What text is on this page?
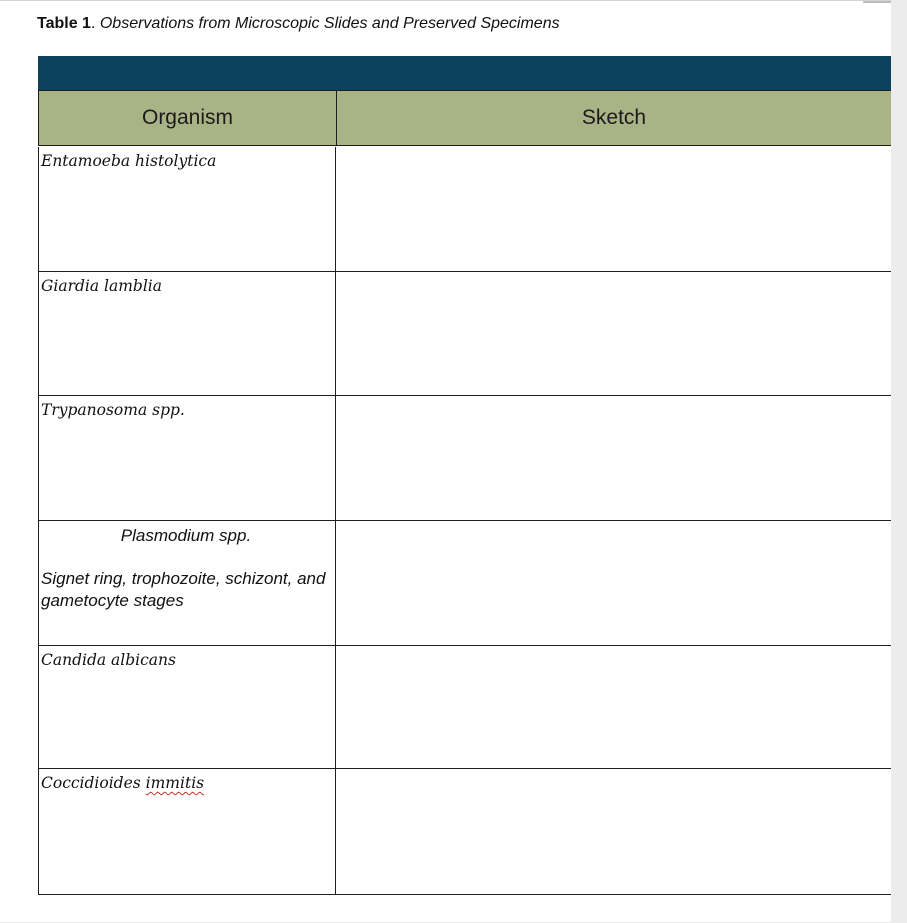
Table 1. Observations from Microscopic Slides and Preserved Specimens
Organism	Sketch
Entamoeba histolytica
Giardia lamblia
Trypanosoma spp.
Plasmodium spp.
Signet ring, trophozoite, schizont, and gametocyte stages
Candida albicans
Coccidioides immitis
